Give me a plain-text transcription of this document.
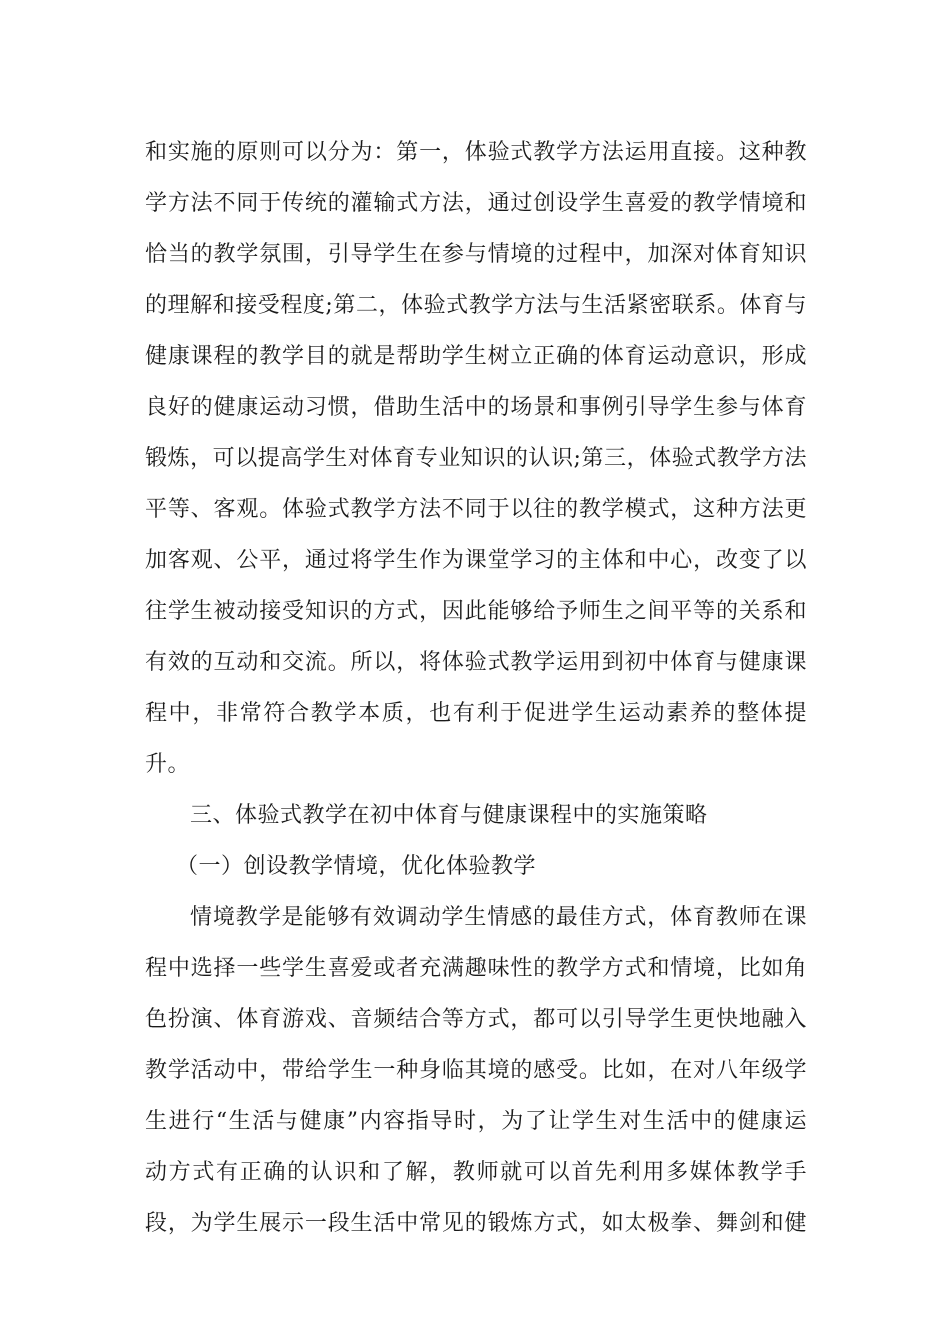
和实施的原则可以分为：第一，体验式教学方法运用直接。这种教
学方法不同于传统的灌输式方法，通过创设学生喜爱的教学情境和
恰当的教学氛围，引导学生在参与情境的过程中，加深对体育知识
的理解和接受程度;第二，体验式教学方法与生活紧密联系。体育与
健康课程的教学目的就是帮助学生树立正确的体育运动意识，形成
良好的健康运动习惯，借助生活中的场景和事例引导学生参与体育
锻炼，可以提高学生对体育专业知识的认识;第三，体验式教学方法
平等、客观。体验式教学方法不同于以往的教学模式，这种方法更
加客观、公平，通过将学生作为课堂学习的主体和中心，改变了以
往学生被动接受知识的方式，因此能够给予师生之间平等的关系和
有效的互动和交流。所以，将体验式教学运用到初中体育与健康课
程中，非常符合教学本质，也有利于促进学生运动素养的整体提
升。
三、体验式教学在初中体育与健康课程中的实施策略
（一）创设教学情境，优化体验教学
情境教学是能够有效调动学生情感的最佳方式，体育教师在课
程中选择一些学生喜爱或者充满趣味性的教学方式和情境，比如角
色扮演、体育游戏、音频结合等方式，都可以引导学生更快地融入
教学活动中，带给学生一种身临其境的感受。比如，在对八年级学
生进行“生活与健康”内容指导时，为了让学生对生活中的健康运
动方式有正确的认识和了解，教师就可以首先利用多媒体教学手
段，为学生展示一段生活中常见的锻炼方式，如太极拳、舞剑和健
